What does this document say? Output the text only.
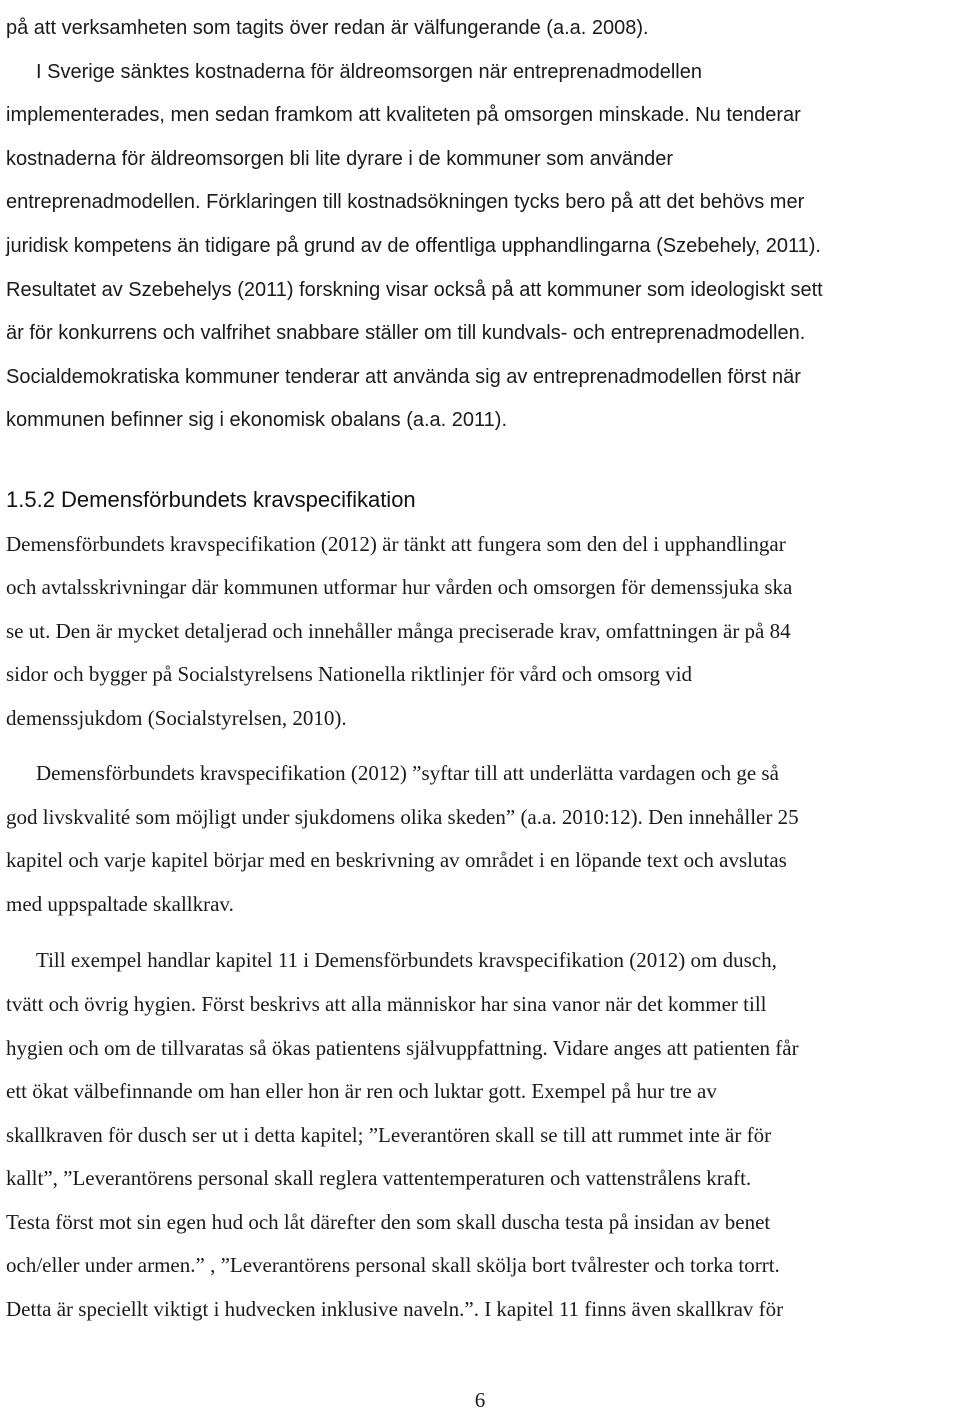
på att verksamheten som tagits över redan är välfungerande (a.a. 2008).
I Sverige sänktes kostnaderna för äldreomsorgen när entreprenadmodellen
implementerades, men sedan framkom att kvaliteten på omsorgen minskade. Nu tenderar
kostnaderna för äldreomsorgen bli lite dyrare i de kommuner som använder
entreprenadmodellen. Förklaringen till kostnadsökningen tycks bero på att det behövs mer
juridisk kompetens än tidigare på grund av de offentliga upphandlingarna (Szebehely, 2011).
Resultatet av Szebehelys (2011) forskning visar också på att kommuner som ideologiskt sett
är för konkurrens och valfrihet snabbare ställer om till kundvals- och entreprenadmodellen.
Socialdemokratiska kommuner tenderar att använda sig av entreprenadmodellen först när
kommunen befinner sig i ekonomisk obalans (a.a. 2011).
1.5.2 Demensförbundets kravspecifikation
Demensförbundets kravspecifikation (2012) är tänkt att fungera som den del i upphandlingar
och avtalsskrivningar där kommunen utformar hur vården och omsorgen för demenssjuka ska
se ut. Den är mycket detaljerad och innehåller många preciserade krav, omfattningen är på 84
sidor och bygger på Socialstyrelsens Nationella riktlinjer för vård och omsorg vid
demenssjukdom (Socialstyrelsen, 2010).
Demensförbundets kravspecifikation (2012) ”syftar till att underlätta vardagen och ge så
god livskvalité som möjligt under sjukdomens olika skeden” (a.a. 2010:12). Den innehåller 25
kapitel och varje kapitel börjar med en beskrivning av området i en löpande text och avslutas
med uppspaltade skallkrav.
Till exempel handlar kapitel 11 i Demensförbundets kravspecifikation (2012) om dusch,
tvätt och övrig hygien. Först beskrivs att alla människor har sina vanor när det kommer till
hygien och om de tillvaratas så ökas patientens självuppfattning. Vidare anges att patienten får
ett ökat välbefinnande om han eller hon är ren och luktar gott. Exempel på hur tre av
skallkraven för dusch ser ut i detta kapitel; ”Leverantören skall se till att rummet inte är för
kallt”, ”Leverantörens personal skall reglera vattentemperaturen och vattenstrålens kraft.
Testa först mot sin egen hud och låt därefter den som skall duscha testa på insidan av benet
och/eller under armen.” , ”Leverantörens personal skall skölja bort tvålrester och torka torrt.
Detta är speciellt viktigt i hudvecken inklusive naveln.”. I kapitel 11 finns även skallkrav för
6
